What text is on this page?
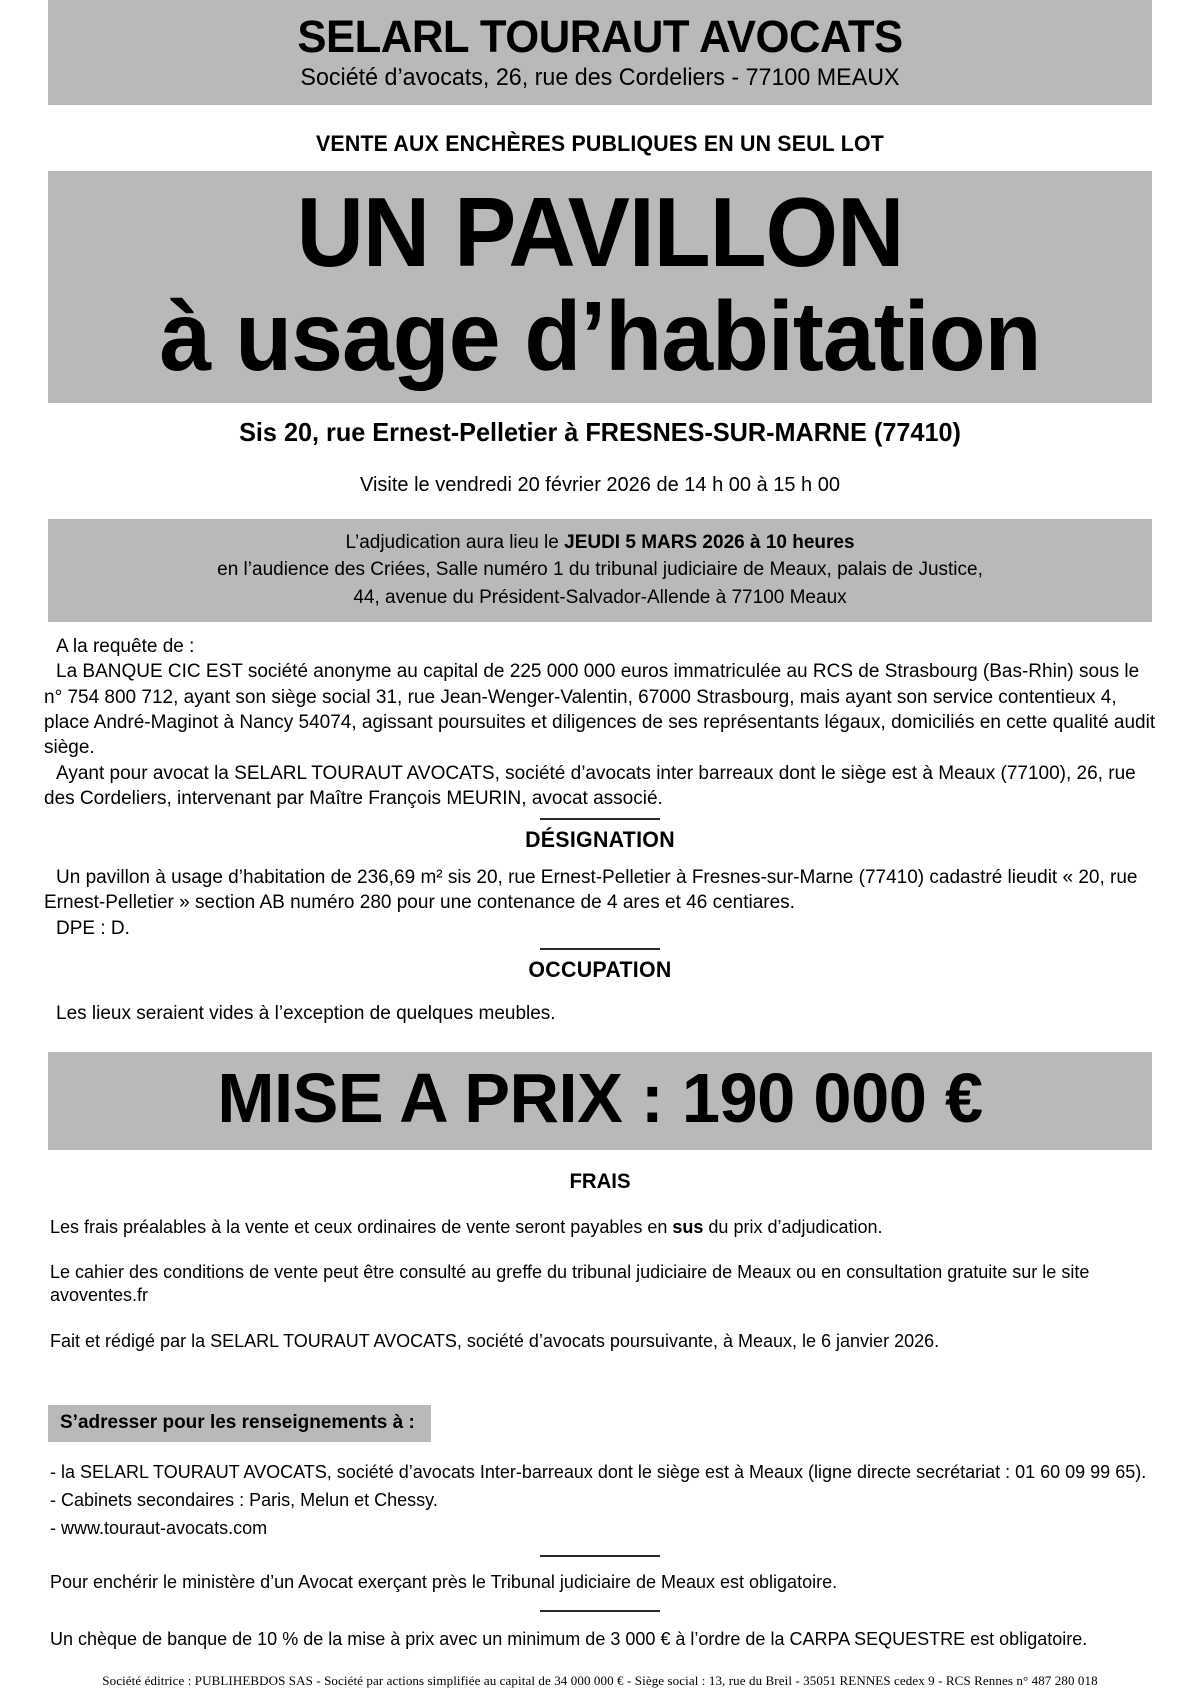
SELARL TOURAUT AVOCATS
Société d’avocats, 26, rue des Cordeliers - 77100 MEAUX
VENTE AUX ENCHÈRES PUBLIQUES EN UN SEUL LOT
UN PAVILLON
à usage d’habitation
Sis 20, rue Ernest-Pelletier à FRESNES-SUR-MARNE (77410)
Visite le vendredi 20 février 2026 de 14 h 00 à 15 h 00
L’adjudication aura lieu le JEUDI 5 MARS 2026 à 10 heures
en l’audience des Criées, Salle numéro 1 du tribunal judiciaire de Meaux, palais de Justice,
44, avenue du Président-Salvador-Allende à 77100 Meaux

A la requête de :

La BANQUE CIC EST société anonyme au capital de 225 000 000 euros immatriculée au RCS de Strasbourg (Bas-Rhin) sous le n° 754 800 712, ayant son siège social 31, rue Jean-Wenger-Valentin, 67000 Strasbourg, mais ayant son service contentieux 4, place André-Maginot à Nancy 54074, agissant poursuites et diligences de ses représentants légaux, domiciliés en cette qualité audit siège.

Ayant pour avocat la SELARL TOURAUT AVOCATS, société d’avocats inter barreaux dont le siège est à Meaux (77100), 26, rue des Cordeliers, intervenant par Maître François MEURIN, avocat associé.

DÉSIGNATION

Un pavillon à usage d’habitation de 236,69 m² sis 20, rue Ernest-Pelletier à Fresnes-sur-Marne (77410) cadastré lieudit « 20, rue Ernest-Pelletier » section AB numéro 280 pour une contenance de 4 ares et 46 centiares.

DPE : D.

OCCUPATION

Les lieux seraient vides à l’exception de quelques meubles.

MISE A PRIX : 190 000 €
FRAIS

Les frais préalables à la vente et ceux ordinaires de vente seront payables en sus du prix d’adjudication.

Le cahier des conditions de vente peut être consulté au greffe du tribunal judiciaire de Meaux ou en consultation gratuite sur le site avoventes.fr

Fait et rédigé par la SELARL TOURAUT AVOCATS, société d’avocats poursuivante, à Meaux, le 6 janvier 2026.

S’adresser pour les renseignements à :

- la SELARL TOURAUT AVOCATS, société d’avocats Inter-barreaux dont le siège est à Meaux (ligne directe secrétariat : 01 60 09 99 65).

- Cabinets secondaires : Paris, Melun et Chessy.

- www.touraut-avocats.com

Pour enchérir le ministère d’un Avocat exerçant près le Tribunal judiciaire de Meaux est obligatoire.

Un chèque de banque de 10 % de la mise à prix avec un minimum de 3 000 € à l’ordre de la CARPA SEQUESTRE est obligatoire.

Société éditrice : PUBLIHEBDOS SAS - Société par actions simplifiée au capital de 34 000 000 € - Siège social : 13, rue du Breil - 35051 RENNES cedex 9 - RCS Rennes n° 487 280 018
